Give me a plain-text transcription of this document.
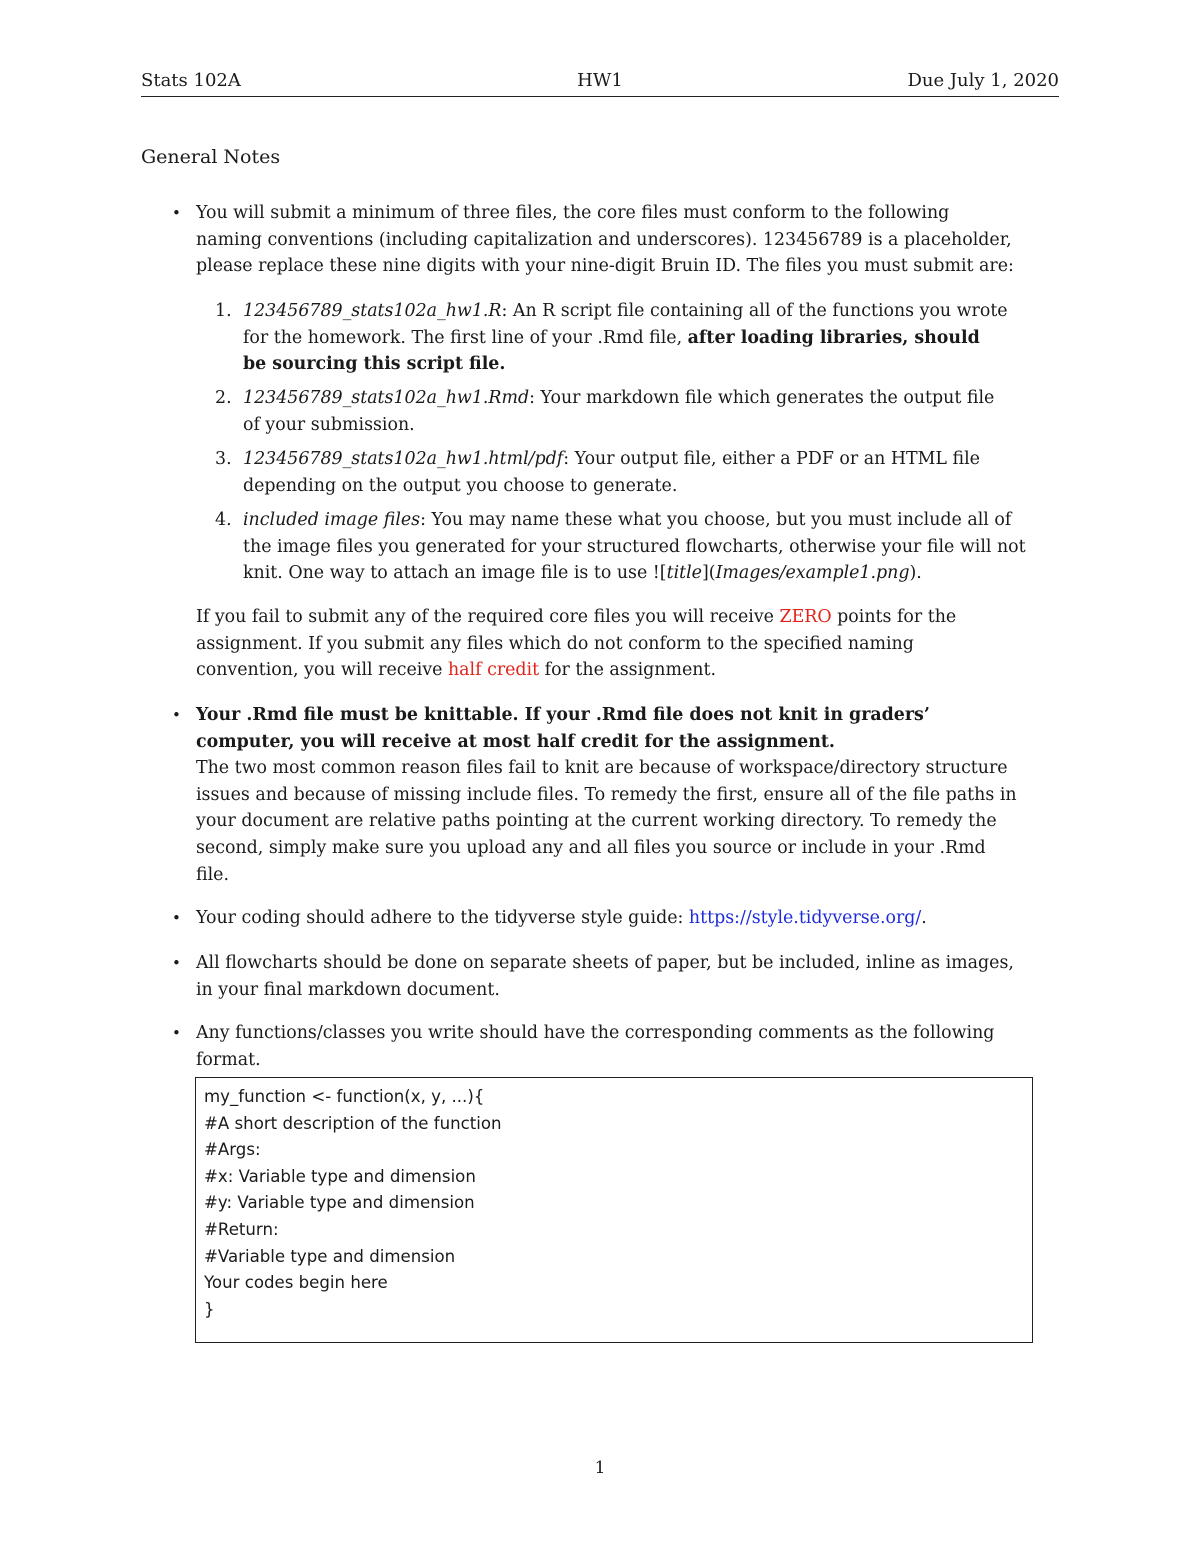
Stats 102A	HW1	Due July 1, 2020
General Notes
• You will submit a minimum of three files, the core files must conform to the following
naming conventions (including capitalization and underscores). 123456789 is a placeholder,
please replace these nine digits with your nine-digit Bruin ID. The files you must submit are:
1. 123456789_stats102a_hw1.R: An R script file containing all of the functions you wrote
for the homework. The first line of your .Rmd file, after loading libraries, should
be sourcing this script file.
2. 123456789_stats102a_hw1.Rmd: Your markdown file which generates the output file
of your submission.
3. 123456789_stats102a_hw1.html/pdf: Your output file, either a PDF or an HTML file
depending on the output you choose to generate.
4. included image files: You may name these what you choose, but you must include all of
the image files you generated for your structured flowcharts, otherwise your file will not
knit. One way to attach an image file is to use ![title](Images/example1.png).
If you fail to submit any of the required core files you will receive ZERO points for the
assignment. If you submit any files which do not conform to the specified naming
convention, you will receive half credit for the assignment.
• Your .Rmd file must be knittable. If your .Rmd file does not knit in graders’
computer, you will receive at most half credit for the assignment.
The two most common reason files fail to knit are because of workspace/directory structure
issues and because of missing include files. To remedy the first, ensure all of the file paths in
your document are relative paths pointing at the current working directory. To remedy the
second, simply make sure you upload any and all files you source or include in your .Rmd
file.
• Your coding should adhere to the tidyverse style guide: https://style.tidyverse.org/.
• All flowcharts should be done on separate sheets of paper, but be included, inline as images,
in your final markdown document.
• Any functions/classes you write should have the corresponding comments as the following
format.
my_function <- function(x, y, ...){
#A short description of the function
#Args:
#x: Variable type and dimension
#y: Variable type and dimension
#Return:
#Variable type and dimension
Your codes begin here
}
1
